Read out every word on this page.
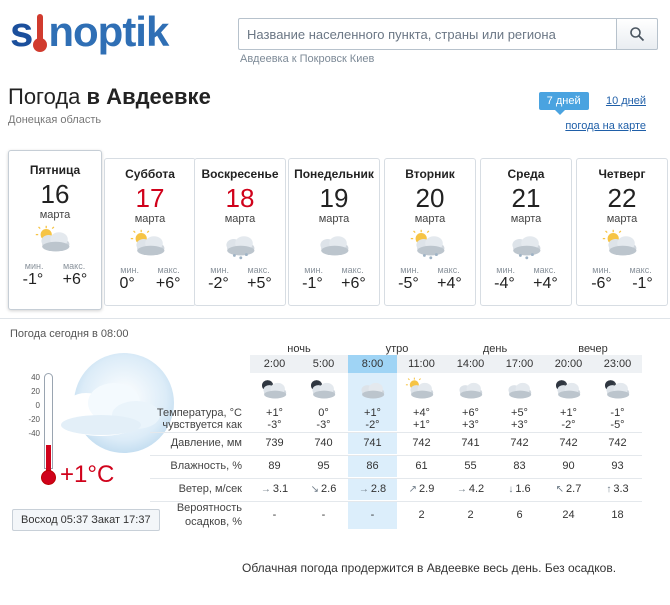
s noptik
Название населенного пункта, страны или региона
Авдеевка к Покровск Киев
Погода в Авдеевке
Донецкая область
7 дней 10 дней
погода на карте
Пятница
16
марта
мин. макс.
-1° +6°
Суббота
17
марта
мин. макс.
0° +6°
Воскресенье
18
марта
мин. макс.
-2° +5°
Понедельник
19
марта
мин. макс.
-1° +6°
Вторник
20
марта
мин. макс.
-5° +4°
Среда
21
марта
мин. макс.
-4° +4°
Четверг
22
марта
мин. макс.
-6° -1°
Погода сегодня в 08:00
40
20
0
-20
-40
+1°C
Восход 05:37 Закат 17:37
	ночь		утро		день		вечер	
	2:00	5:00	8:00	11:00	14:00	17:00	20:00	23:00

Температура, °С	+1°	0°	+1°	+4°	+6°	+5°	+1°	-1°
чувствуется как	-3°	-3°	-2°	+1°	+3°	+3°	-2°	-5°

Давление, мм	739	740	741	742	741	742	742	742

Влажность, %	89	95	86	61	55	83	90	93

Ветер, м/сек	→ 3.1	↘ 2.6	→ 2.8	↗ 2.9	→ 4.2	↓ 1.6	↖ 2.7	↑ 3.3

Вероятность	-	-	-	2	2	6	24	18
осадков, %								
Облачная погода продержится в Авдеевке весь день. Без осадков.
